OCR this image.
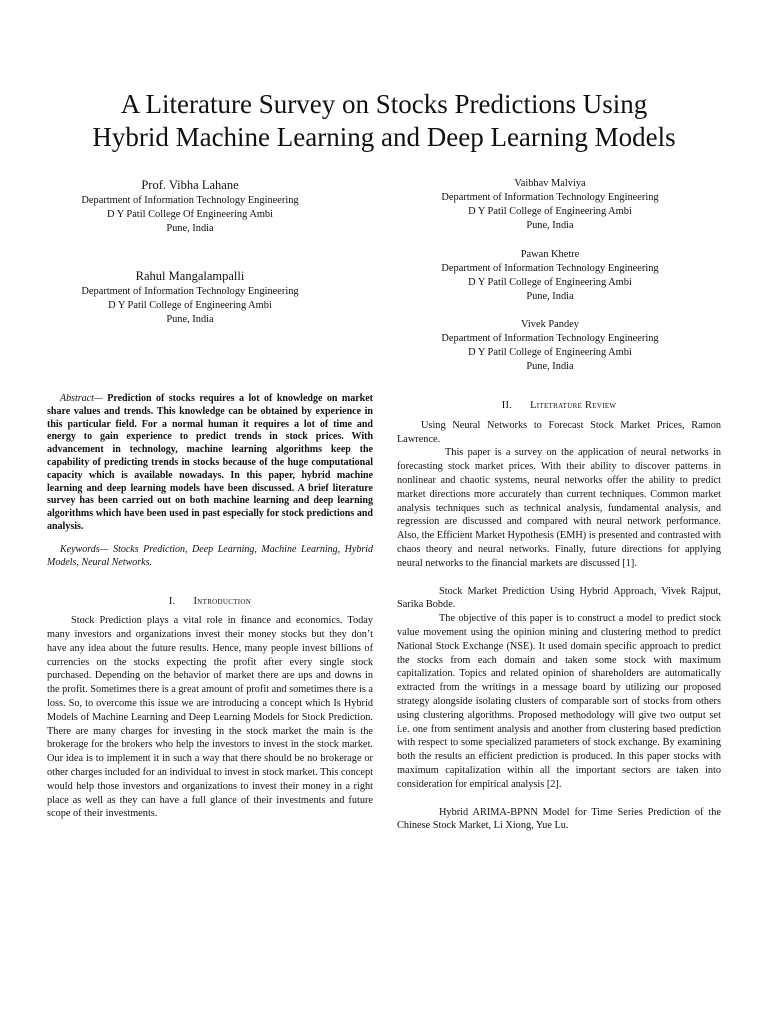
A Literature Survey on Stocks Predictions Using
Hybrid Machine Learning and Deep Learning Models
Prof. Vibha Lahane
Department of Information Technology Engineering
D Y Patil College Of Engineering Ambi
Pune, India
Rahul Mangalampalli
Department of Information Technology Engineering
D Y Patil College of Engineering Ambi
Pune, India
Vaibhav Malviya
Department of Information Technology Engineering
D Y Patil College of Engineering Ambi
Pune, India
Pawan Khetre
Department of Information Technology Engineering
D Y Patil College of Engineering Ambi
Pune, India
Vivek Pandey
Department of Information Technology Engineering
D Y Patil College of Engineering Ambi
Pune, India

Abstract— Prediction of stocks requires a lot of knowledge on market share values and trends. This knowledge can be obtained by experience in this particular field. For a normal human it requires a lot of time and energy to gain experience to predict trends in stock prices. With advancement in technology, machine learning algorithms keep the capability of predicting trends in stocks because of the huge computational capacity which is available nowadays. In this paper, hybrid machine learning and deep learning models have been discussed. A brief literature survey has been carried out on both machine learning and deep learning algorithms which have been used in past especially for stock predictions and analysis.

Keywords— Stocks Prediction, Deep Learning, Machine Learning, Hybrid Models, Neural Networks.

I. Introduction

Stock Prediction plays a vital role in finance and economics. Today many investors and organizations invest their money stocks but they don’t have any idea about the future results. Hence, many people invest billions of currencies on the stocks expecting the profit after every single stock purchased. Depending on the behavior of market there are ups and downs in the profit. Sometimes there is a great amount of profit and sometimes there is a loss. So, to overcome this issue we are introducing a concept which Is Hybrid Models of Machine Learning and Deep Learning Models for Stock Prediction. There are many charges for investing in the stock market the main is the brokerage for the brokers who help the investors to invest in the stock market. Our idea is to implement it in such a way that there should be no brokerage or other charges included for an individual to invest in stock market. This concept would help those investors and organizations to invest their money in a right place as well as they can have a full glance of their investments and future scope of their investments.

II. Litetrature Review

Using Neural Networks to Forecast Stock Market Prices, Ramon Lawrence.

This paper is a survey on the application of neural networks in forecasting stock market prices. With their ability to discover patterns in nonlinear and chaotic systems, neural networks offer the ability to predict market directions more accurately than current techniques. Common market analysis techniques such as technical analysis, fundamental analysis, and regression are discussed and compared with neural network performance. Also, the Efficient Market Hypothesis (EMH) is presented and contrasted with chaos theory and neural networks. Finally, future directions for applying neural networks to the financial markets are discussed [1].

Stock Market Prediction Using Hybrid Approach, Vivek Rajput, Sarika Bobde.

The objective of this paper is to construct a model to predict stock value movement using the opinion mining and clustering method to predict National Stock Exchange (NSE). It used domain specific approach to predict the stocks from each domain and taken some stock with maximum capitalization. Topics and related opinion of shareholders are automatically extracted from the writings in a message board by utilizing our proposed strategy alongside isolating clusters of comparable sort of stocks from others using clustering algorithms. Proposed methodology will give two output set i.e. one from sentiment analysis and another from clustering based prediction with respect to some specialized parameters of stock exchange. By examining both the results an efficient prediction is produced. In this paper stocks with maximum capitalization within all the important sectors are taken into consideration for empirical analysis [2].

Hybrid ARIMA-BPNN Model for Time Series Prediction of the Chinese Stock Market, Li Xiong, Yue Lu.
